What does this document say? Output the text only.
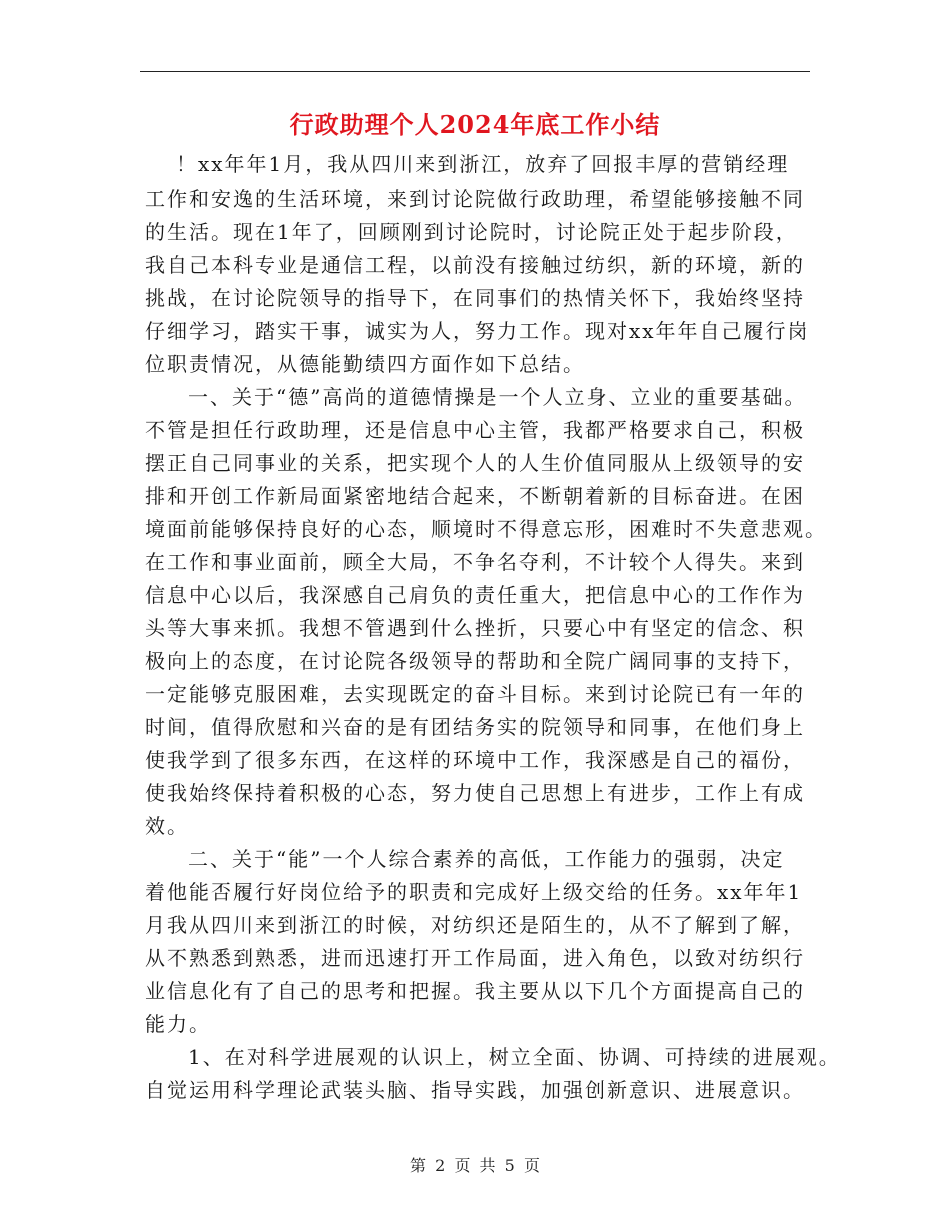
行政助理个人2024年底工作小结
！xx年年1月，我从四川来到浙江，放弃了回报丰厚的营销经理
工作和安逸的生活环境，来到讨论院做行政助理，希望能够接触不同
的生活。现在1年了，回顾刚到讨论院时，讨论院正处于起步阶段，
我自己本科专业是通信工程，以前没有接触过纺织，新的环境，新的
挑战，在讨论院领导的指导下，在同事们的热情关怀下，我始终坚持
仔细学习，踏实干事，诚实为人，努力工作。现对xx年年自己履行岗
位职责情况，从德能勤绩四方面作如下总结。
一、关于“德”高尚的道德情操是一个人立身、立业的重要基础。
不管是担任行政助理，还是信息中心主管，我都严格要求自己，积极
摆正自己同事业的关系，把实现个人的人生价值同服从上级领导的安
排和开创工作新局面紧密地结合起来，不断朝着新的目标奋进。在困
境面前能够保持良好的心态，顺境时不得意忘形，困难时不失意悲观。
在工作和事业面前，顾全大局，不争名夺利，不计较个人得失。来到
信息中心以后，我深感自己肩负的责任重大，把信息中心的工作作为
头等大事来抓。我想不管遇到什么挫折，只要心中有坚定的信念、积
极向上的态度，在讨论院各级领导的帮助和全院广阔同事的支持下，
一定能够克服困难，去实现既定的奋斗目标。来到讨论院已有一年的
时间，值得欣慰和兴奋的是有团结务实的院领导和同事，在他们身上
使我学到了很多东西，在这样的环境中工作，我深感是自己的福份，
使我始终保持着积极的心态，努力使自己思想上有进步，工作上有成
效。
二、关于“能”一个人综合素养的高低，工作能力的强弱，决定
着他能否履行好岗位给予的职责和完成好上级交给的任务。xx年年1
月我从四川来到浙江的时候，对纺织还是陌生的，从不了解到了解，
从不熟悉到熟悉，进而迅速打开工作局面，进入角色，以致对纺织行
业信息化有了自己的思考和把握。我主要从以下几个方面提高自己的
能力。
1、在对科学进展观的认识上，树立全面、协调、可持续的进展观。
自觉运用科学理论武装头脑、指导实践，加强创新意识、进展意识。
第 2 页 共 5 页
